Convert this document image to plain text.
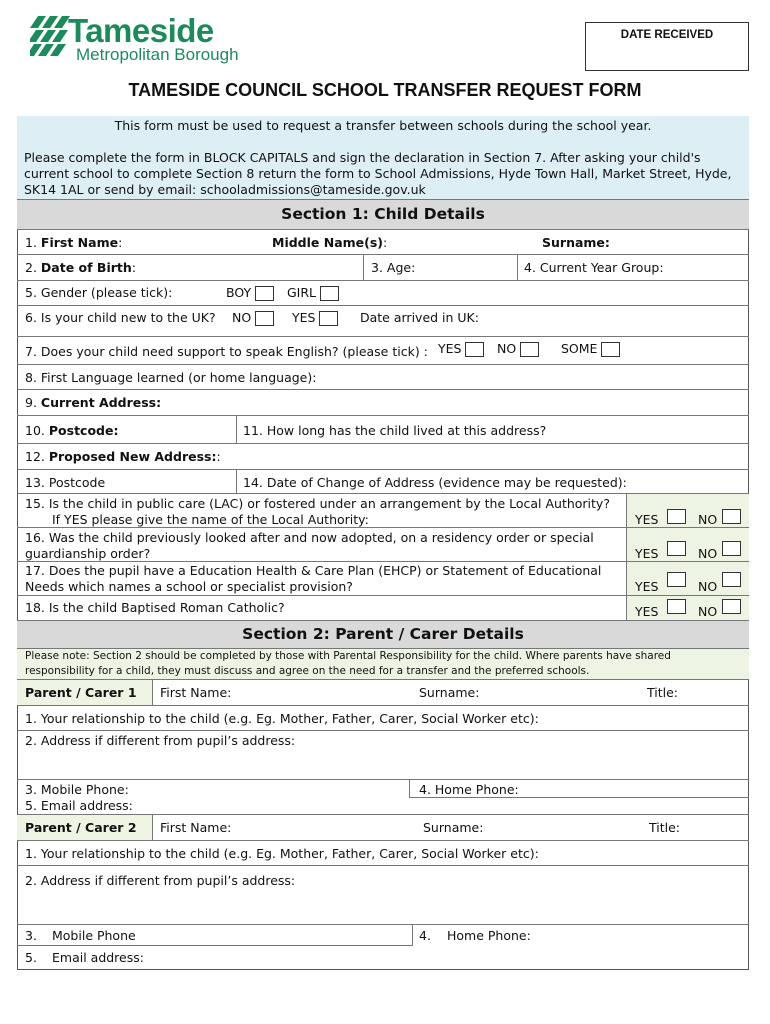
Tameside
Metropolitan Borough
DATE RECEIVED
TAMESIDE COUNCIL SCHOOL TRANSFER REQUEST FORM
This form must be used to request a transfer between schools during the school year.
Please complete the form in BLOCK CAPITALS and sign the declaration in Section 7. After asking your child's
current school to complete Section 8 return the form to School Admissions, Hyde Town Hall, Market Street, Hyde,
SK14 1AL or send by email: schooladmissions@tameside.gov.uk
Section 1: Child Details
1. First Name:	Middle Name(s):	Surname:
2. Date of Birth:	3. Age:	4. Current Year Group:
5. Gender (please tick):	BOY	GIRL
6. Is your child new to the UK? NO	YES	Date arrived in UK:
7. Does your child need support to speak English? (please tick) : YES	NO	SOME
8. First Language learned (or home language):
9. Current Address:
10. Postcode:	11. How long has the child lived at this address?
12. Proposed New Address::
13. Postcode	14. Date of Change of Address (evidence may be requested):
15. Is the child in public care (LAC) or fostered under an arrangement by the Local Authority?
If YES please give the name of the Local Authority:	YES	NO
16. Was the child previously looked after and now adopted, on a residency order or special
guardianship order?	YES	NO
17. Does the pupil have a Education Health & Care Plan (EHCP) or Statement of Educational
Needs which names a school or specialist provision?	YES	NO
18. Is the child Baptised Roman Catholic?	YES	NO
Section 2: Parent / Carer Details
Please note: Section 2 should be completed by those with Parental Responsibility for the child. Where parents have shared
responsibility for a child, they must discuss and agree on the need for a transfer and the preferred schools.
Parent / Carer 1 First Name:	Surname:	Title:
1. Your relationship to the child (e.g. Eg. Mother, Father, Carer, Social Worker etc):
2. Address if different from pupil’s address:
3. Mobile Phone:	4. Home Phone:
5. Email address:
Parent / Carer 2 First Name:	Surname:	Title:
1. Your relationship to the child (e.g. Eg. Mother, Father, Carer, Social Worker etc):
2. Address if different from pupil’s address:
3. Mobile Phone	4. Home Phone:
5. Email address:
